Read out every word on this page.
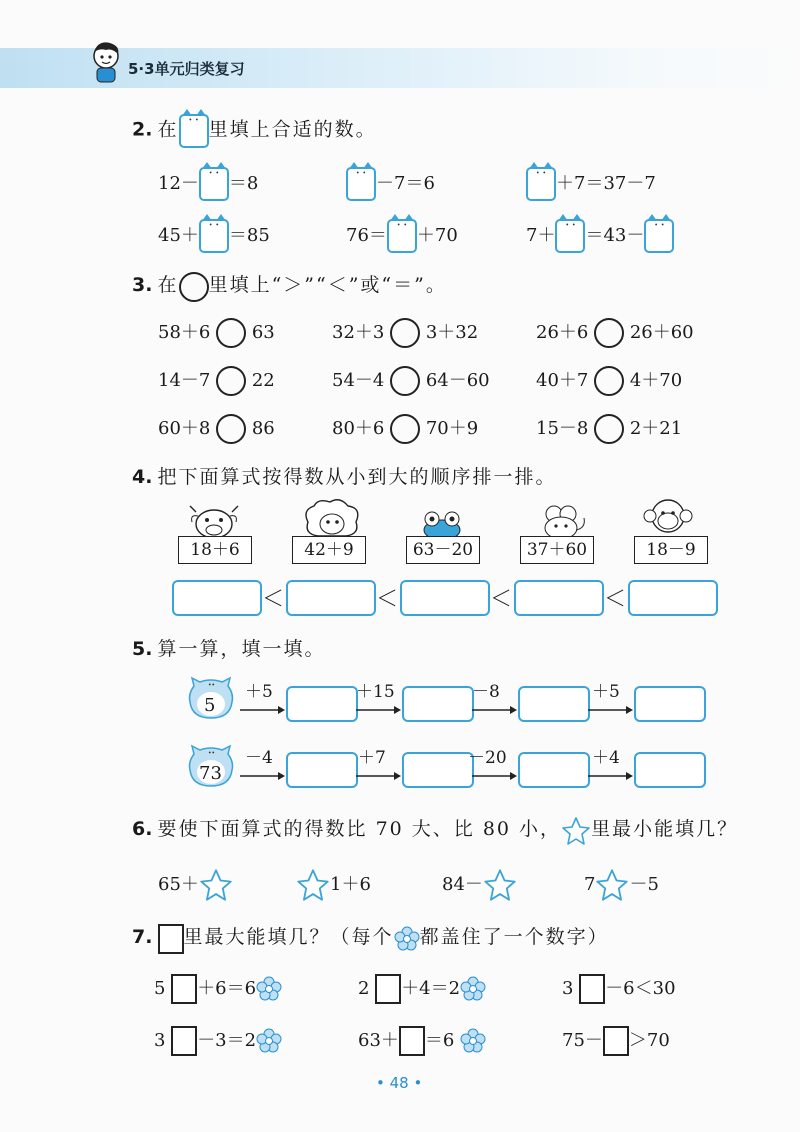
5·3单元归类复习
2. 在 •• 里填上合适的数。
12－ •• ＝8	•• －7＝6	•• ＋7＝37－7
45＋ •• ＝85	76＝ •• ＋70	7＋ •• ＝43－ ••
3. 在 里填上“＞”“＜”或“＝”。
58＋6 63	32＋3 3＋32	26＋6 26＋60
14－7 22	54－4 64－60	40＋7 4＋70
60＋8 86	80＋6 70＋9	15－8 2＋21
4. 把下面算式按得数从小到大的顺序排一排。
18＋6	42＋9	63－20	37＋60	18－9
＜	＜	＜	＜
5. 算一算，填一填。
••
5
＋5	＋15	－8	＋5
••
73
－4	＋7	－20	＋4
6. 要使下面算式的得数比 70 大、比 80 小， 里最小能填几？
65＋	1＋6	84－	7 －5
7. 里最大能填几？（每个 都盖住了一个数字）
5 ＋6＝6	2 ＋4＝2	3 －6＜30
3 －3＝2	63＋ ＝6	75－ ＞70
• 48 •
